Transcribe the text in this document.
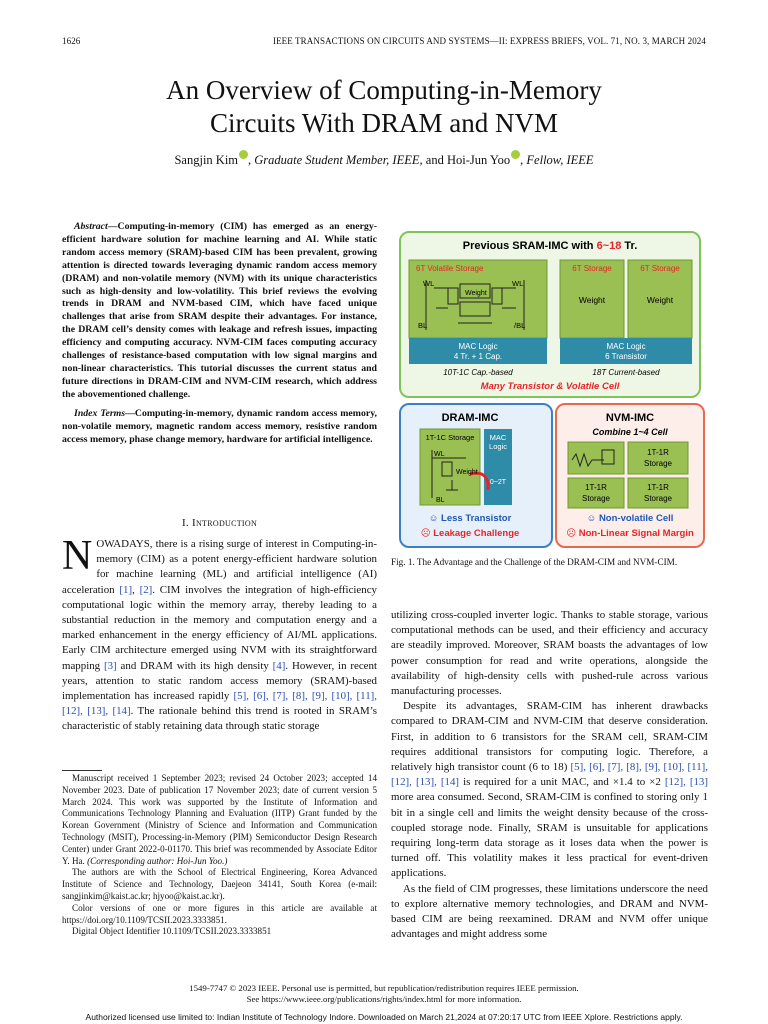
1626	IEEE TRANSACTIONS ON CIRCUITS AND SYSTEMS—II: EXPRESS BRIEFS, VOL. 71, NO. 3, MARCH 2024
An Overview of Computing-in-Memory
Circuits With DRAM and NVM
Sangjin Kim , Graduate Student Member, IEEE, and Hoi-Jun Yoo , Fellow, IEEE
Abstract—Computing-in-memory (CIM) has emerged as an energy-efficient hardware solution for machine learning and AI. While static random access memory (SRAM)-based CIM has been prevalent, growing attention is directed towards leveraging dynamic random access memory (DRAM) and non-volatile memory (NVM) with its unique characteristics such as high-density and low-volatility. This brief reviews the evolving trends in DRAM and NVM-based CIM, which have faced unique challenges that arise from SRAM despite their advantages. For instance, the DRAM cell’s density comes with leakage and refresh issues, impacting efficiency and computing accuracy. NVM-CIM faces computing accuracy challenges of resistance-based computation with low signal margins and non-linear characteristics. This tutorial discusses the current status and future directions in DRAM-CIM and NVM-CIM research, which address the abovementioned challenge.
Index Terms—Computing-in-memory, dynamic random access memory, non-volatile memory, magnetic random access memory, resistive random access memory, phase change memory, hardware for artificial intelligence.
I. Introduction
NOWADAYS, there is a rising surge of interest in Computing-in-memory (CIM) as a potent energy-efficient hardware solution for machine learning (ML) and artificial intelligence (AI) acceleration [1], [2]. CIM involves the integration of high-efficiency computational logic within the memory array, thereby leading to a substantial reduction in the memory and computation energy and a marked enhancement in the energy efficiency of AI/ML applications. Early CIM architecture emerged using NVM with its straightforward mapping [3] and DRAM with its high density [4]. However, in recent years, attention to static random access memory (SRAM)-based implementation has increased rapidly [5], [6], [7], [8], [9], [10], [11], [12], [13], [14]. The rationale behind this trend is rooted in SRAM’s characteristic of stably retaining data through static storage
Manuscript received 1 September 2023; revised 24 October 2023; accepted 14 November 2023. Date of publication 17 November 2023; date of current version 5 March 2024. This work was supported by the Institute of Information and Communications Technology Planning and Evaluation (IITP) Grant funded by the Korean Government (Ministry of Science and Information and Communication Technology (MSIT), Processing-in-Memory (PIM) Semiconductor Design Research Center) under Grant 2022-0-01170. This brief was recommended by Associate Editor Y. Ha. (Corresponding author: Hoi-Jun Yoo.)
The authors are with the School of Electrical Engineering, Korea Advanced Institute of Science and Technology, Daejeon 34141, South Korea (e-mail: sangjinkim@kaist.ac.kr; hjyoo@kaist.ac.kr).
Color versions of one or more figures in this article are available at https://doi.org/10.1109/TCSII.2023.3333851.
Digital Object Identifier 10.1109/TCSII.2023.3333851
Previous SRAM-IMC with 6~18 Tr.
6T Volatile Storage
WL	WL
Weight
BL	/BL
6T Storage	6T Storage
Weight	Weight
MAC Logic
4 Tr. + 1 Cap.
MAC Logic
6 Transistor
10T-1C Cap.-based	18T Current-based
Many Transistor & Volatile Cell
DRAM-IMC
1T-1C Storage MAC
Logic
WL
Weight
BL
0~2T
☺ Less Transistor
☹ Leakage Challenge
NVM-IMC
Combine 1~4 Cell
1T-1R
Storage
1T-1R
Storage
1T-1R
Storage
☺ Non-volatile Cell
☹ Non-Linear Signal Margin
Fig. 1. The Advantage and the Challenge of the DRAM-CIM and NVM-CIM.
utilizing cross-coupled inverter logic. Thanks to stable storage, various computational methods can be used, and their efficiency and accuracy are steadily improved. Moreover, SRAM boasts the advantages of low power consumption for read and write operations, alongside the availability of high-density cells with pushed-rule across various manufacturing processes.
Despite its advantages, SRAM-CIM has inherent drawbacks compared to DRAM-CIM and NVM-CIM that deserve consideration. First, in addition to 6 transistors for the SRAM cell, SRAM-CIM requires additional transistors for computing logic. Therefore, a relatively high transistor count (6 to 18) [5], [6], [7], [8], [9], [10], [11], [12], [13], [14] is required for a unit MAC, and ×1.4 to ×2 [12], [13] more area consumed. Second, SRAM-CIM is confined to storing only 1 bit in a single cell and limits the weight density because of the cross-coupled storage node. Finally, SRAM is unsuitable for applications requiring long-term data storage as it loses data when the power is turned off. This volatility makes it less practical for event-driven applications.
As the field of CIM progresses, these limitations underscore the need to explore alternative memory technologies, and DRAM and NVM-based CIM are being reexamined. DRAM and NVM offer unique advantages and might address some
1549-7747 © 2023 IEEE. Personal use is permitted, but republication/redistribution requires IEEE permission.
See https://www.ieee.org/publications/rights/index.html for more information.
Authorized licensed use limited to: Indian Institute of Technology Indore. Downloaded on March 21,2024 at 07:20:17 UTC from IEEE Xplore. Restrictions apply.
